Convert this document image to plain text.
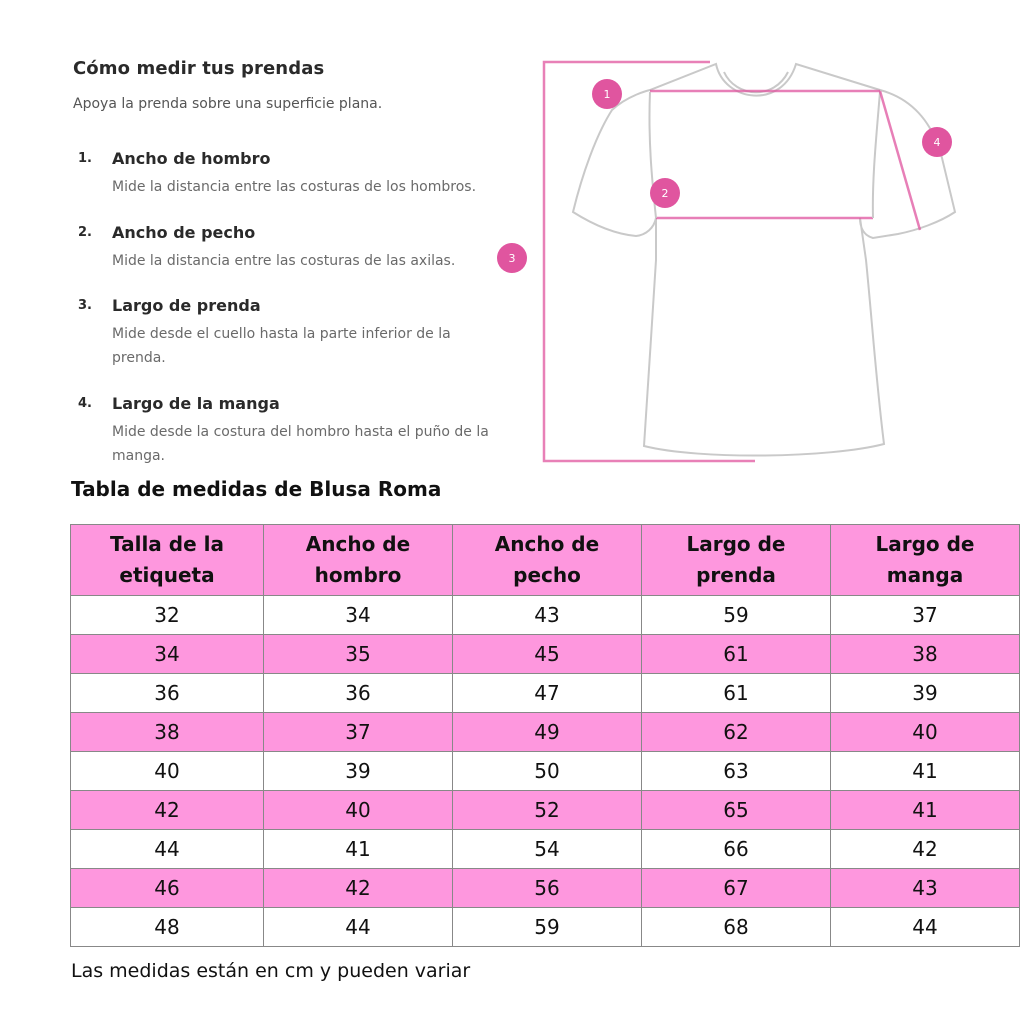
Cómo medir tus prendas
Apoya la prenda sobre una superficie plana.
1. Ancho de hombro
Mide la distancia entre las costuras de los hombros.
2. Ancho de pecho
Mide la distancia entre las costuras de las axilas.
3. Largo de prenda
Mide desde el cuello hasta la parte inferior de la prenda.
4. Largo de la manga
Mide desde la costura del hombro hasta el puño de la manga.
1
2
3
4
Tabla de medidas de Blusa Roma
Talla de la etiqueta	Ancho de hombro	Ancho de pecho	Largo de prenda	Largo de manga
32	34	43	59	37
34	35	45	61	38
36	36	47	61	39
38	37	49	62	40
40	39	50	63	41
42	40	52	65	41
44	41	54	66	42
46	42	56	67	43
48	44	59	68	44
Las medidas están en cm y pueden variar
